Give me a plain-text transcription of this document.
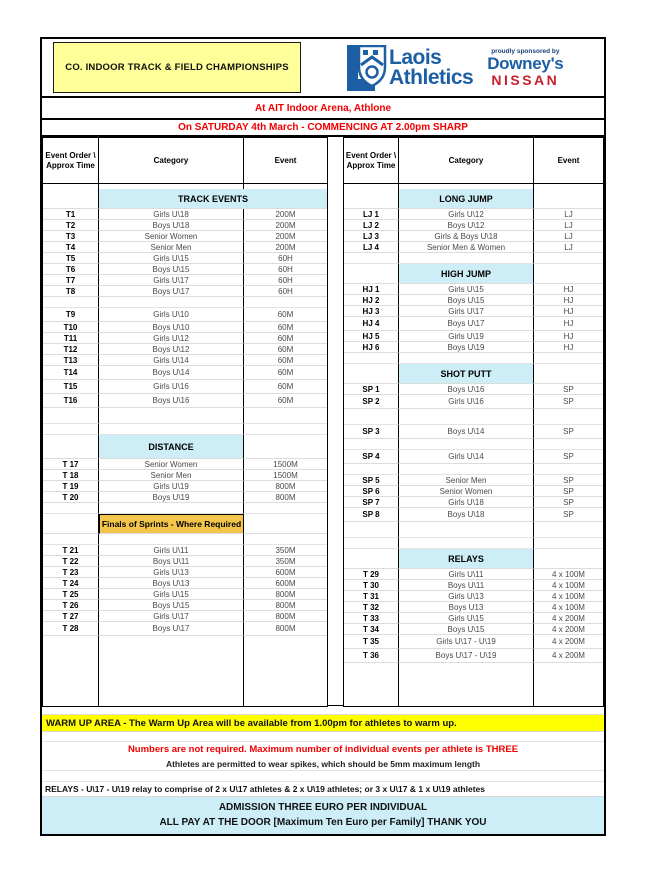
CO. INDOOR TRACK & FIELD CHAMPIONSHIPS	Laois
Athletics
proudly sponsored by
Downey's
NISSAN
At AIT Indoor Arena, Athlone
On SATURDAY 4th March - COMMENCING AT 2.00pm SHARP
Event Order \ Approx Time
Category	Event
TRACK EVENTS
T1	Girls U\18	200M
T2	Boys U\18	200M
T3	Senior Women	200M
T4	Senior Men	200M
T5	Girls U\15	60H
T6	Boys U\15	60H
T7	Girls U\17	60H
T8	Boys U\17	60H
T9	Girls U\10	60M
T10	Boys U\10	60M
T11	Girls U\12	60M
T12	Boys U\12	60M
T13	Girls U\14	60M
T14	Boys U\14	60M
T15	Girls U\16	60M
T16	Boys U\16	60M
DISTANCE
T 17	Senior Women	1500M
T 18	Senior Men	1500M
T 19	Girls U\19	800M
T 20	Boys U\19	800M
Finals of Sprints - Where Required
T 21	Girls U\11	350M
T 22	Boys U\11	350M
T 23	Girls U\13	600M
T 24	Boys U\13	600M
T 25	Girls U\15	800M
T 26	Boys U\15	800M
T 27	Girls U\17	800M
T 28	Boys U\17	800M
Event Order \ Approx Time
Category	Event
LONG JUMP
LJ 1	Girls U\12	LJ
LJ 2	Boys U\12	LJ
LJ 3	Girls & Boys U\18	LJ
LJ 4	Senior Men & Women	LJ
HIGH JUMP
HJ 1	Girls U\15	HJ
HJ 2	Boys U\15	HJ
HJ 3	Girls U\17	HJ
HJ 4	Boys U\17	HJ
HJ 5	Girls U\19	HJ
HJ 6	Boys U\19	HJ
SHOT PUTT
SP 1	Boys U\16	SP
SP 2	Girls U\16	SP
SP 3	Boys U\14	SP
SP 4	Girls U\14	SP
SP 5	Senior Men	SP
SP 6	Senior Women	SP
SP 7	Girls U\18	SP
SP 8	Boys U\18	SP
RELAYS
T 29	Girls U\11	4 x 100M
T 30	Boys U\11	4 x 100M
T 31	Girls U\13	4 x 100M
T 32	Boys U13	4 x 100M
T 33	Girls U\15	4 x 200M
T 34	Boys U\15	4 x 200M
T 35	Girls U\17 - U\19	4 x 200M
T 36	Boys U\17 - U\19	4 x 200M
WARM UP AREA - The Warm Up Area will be available from 1.00pm for athletes to warm up.
Numbers are not required. Maximum number of individual events per athlete is THREE
Athletes are permitted to wear spikes, which should be 5mm maximum length
RELAYS - U\17 - U\19 relay to comprise of 2 x U\17 athletes & 2 x U\19 athletes; or 3 x U\17 & 1 x U\19 athletes
ADMISSION THREE EURO PER INDIVIDUAL
ALL PAY AT THE DOOR [Maximum Ten Euro per Family] THANK YOU
